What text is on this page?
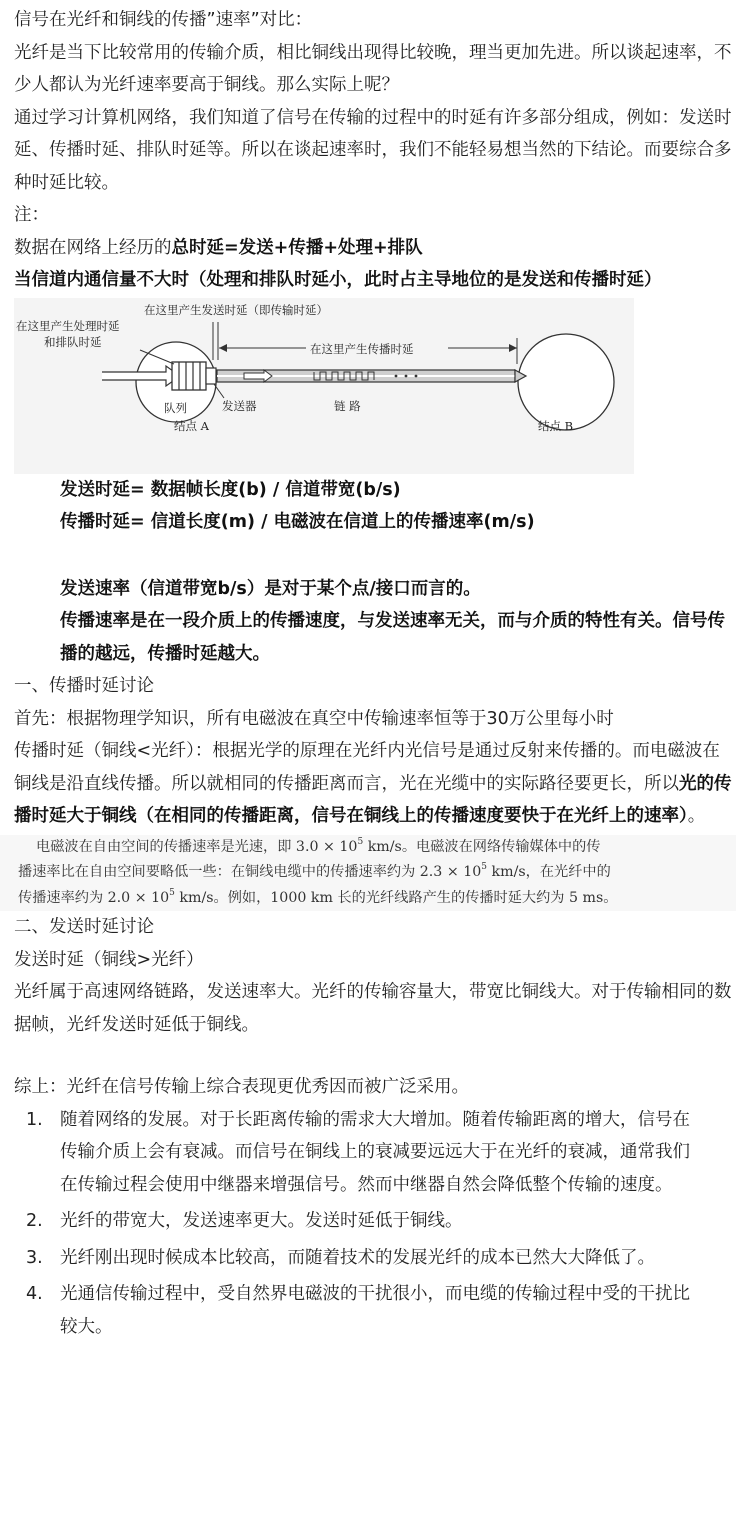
信号在光纤和铜线的传播”速率”对比：

光纤是当下比较常用的传输介质，相比铜线出现得比较晚，理当更加先进。所以谈起速率，不少人都认为光纤速率要高于铜线。那么实际上呢？

通过学习计算机网络，我们知道了信号在传输的过程中的时延有许多部分组成，例如：发送时延、传播时延、排队时延等。所以在谈起速率时，我们不能轻易想当然的下结论。而要综合多种时延比较。

注：

数据在网络上经历的总时延=发送+传播+处理+排队

当信道内通信量不大时（处理和排队时延小，此时占主导地位的是发送和传播时延）

在这里产生发送时延（即传输时延）
在这里产生处理时延
和排队时延	在这里产生传播时延
队列	发送器	链 路
结点 A	结点 B

发送时延= 数据帧长度(b) / 信道带宽(b/s)

传播时延= 信道长度(m) / 电磁波在信道上的传播速率(m/s)

发送速率（信道带宽b/s）是对于某个点/接口而言的。

传播速率是在一段介质上的传播速度，与发送速率无关，而与介质的特性有关。信号传播的越远，传播时延越大。

一、传播时延讨论

首先：根据物理学知识，所有电磁波在真空中传输速率恒等于30万公里每小时

传播时延（铜线<光纤）：根据光学的原理在光纤内光信号是通过反射来传播的。而电磁波在铜线是沿直线传播。所以就相同的传播距离而言，光在光缆中的实际路径要更长，所以光的传播时延大于铜线（在相同的传播距离，信号在铜线上的传播速度要快于在光纤上的速率）。

电磁波在自由空间的传播速率是光速，即 $3.0 \times 10^5$ km/s。电磁波在网络传输媒体中的传
播速率比在自由空间要略低一些：在铜线电缆中的传播速率约为 $2.3 \times 10^5$ km/s，在光纤中的
传播速率约为 $2.0 \times 10^5$ km/s。例如，1000 km 长的光纤线路产生的传播时延大约为 5 ms。

二、发送时延讨论

发送时延（铜线>光纤）

光纤属于高速网络链路，发送速率大。光纤的传输容量大，带宽比铜线大。对于传输相同的数据帧，光纤发送时延低于铜线。

综上：光纤在信号传输上综合表现更优秀因而被广泛采用。

1. 随着网络的发展。对于长距离传输的需求大大增加。随着传输距离的增大，信号在传输介质上会有衰减。而信号在铜线上的衰减要远远大于在光纤的衰减，通常我们在传输过程会使用中继器来增强信号。然而中继器自然会降低整个传输的速度。
2. 光纤的带宽大，发送速率更大。发送时延低于铜线。
3. 光纤刚出现时候成本比较高，而随着技术的发展光纤的成本已然大大降低了。
4. 光通信传输过程中，受自然界电磁波的干扰很小，而电缆的传输过程中受的干扰比较大。
